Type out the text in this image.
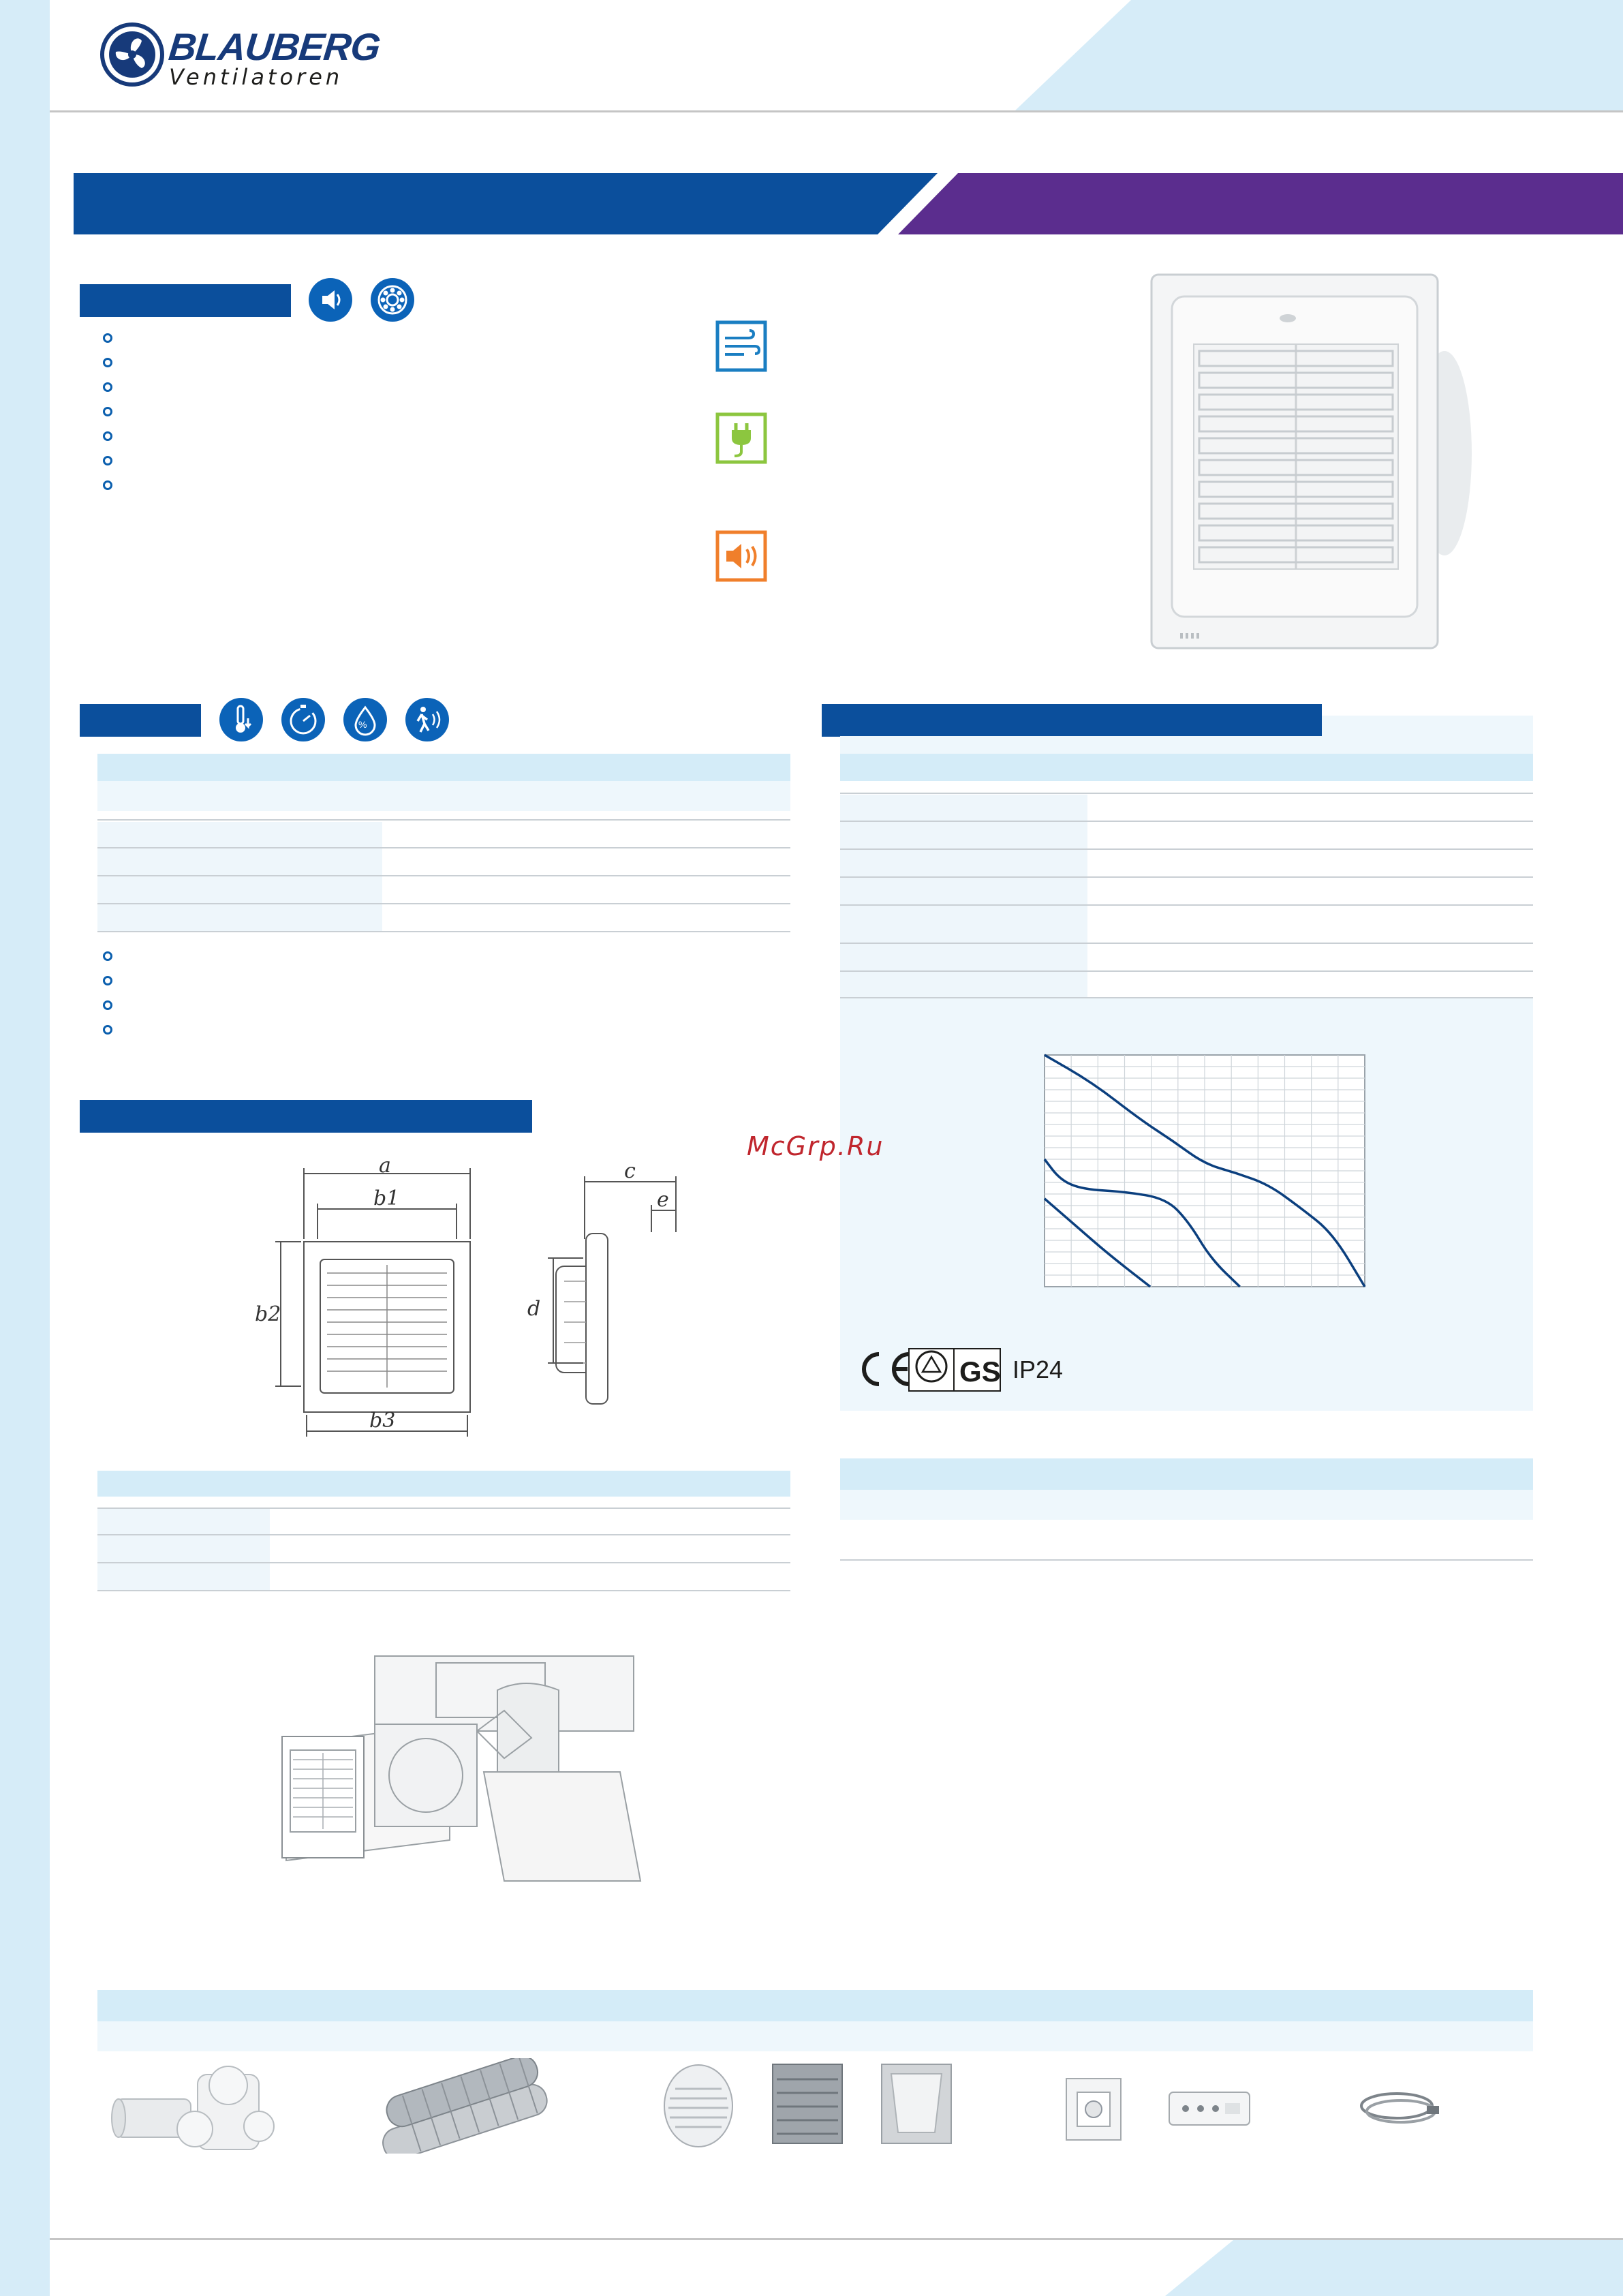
BLAUBERG
Ventilatoren
%
GS IP24
McGrp.Ru
a
b1
b2
b3
c
e
d
